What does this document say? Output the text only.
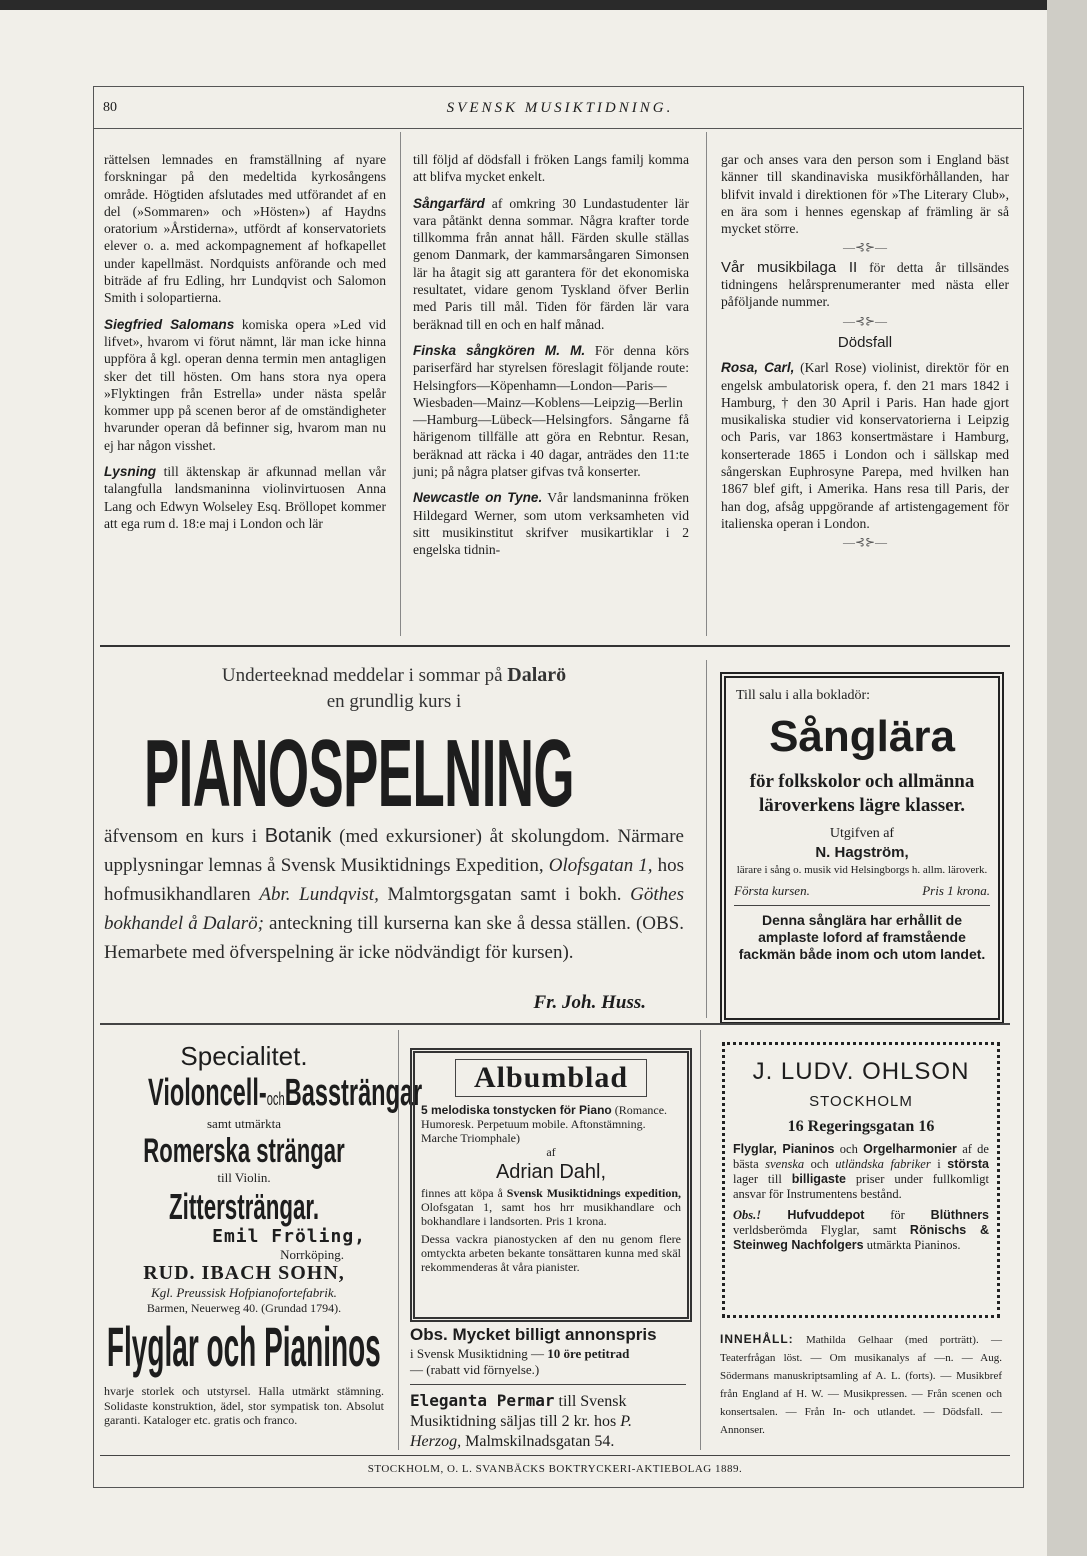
80	SVENSK MUSIKTIDNING.

rättelsen lemnades en framställning af nyare forskningar på den medeltida kyrkosångens område. Högtiden afslutades med utförandet af en del (»Sommaren» och »Hösten») af Haydns oratorium »Årstiderna», utfördt af konservatoriets elever o. a. med ackompagnement af hofkapellet under kapellmäst. Nordquists anförande och med biträde af fru Edling, hrr Lundqvist och Salomon Smith i solopartierna.

Siegfried Salomans komiska opera »Led vid lifvet», hvarom vi förut nämnt, lär man icke hinna uppföra å kgl. operan denna termin men antagligen sker det till hösten. Om hans stora nya opera »Flyktingen från Estrella» under nästa spelår kommer upp på scenen beror af de omständigheter hvarunder operan då befinner sig, hvarom man nu ej har någon visshet.

Lysning till äktenskap är afkunnad mellan vår talangfulla landsmaninna violinvirtuosen Anna Lang och Edwyn Wolseley Esq. Bröllopet kommer att ega rum d. 18:e maj i London och lär

till följd af dödsfall i fröken Langs familj komma att blifva mycket enkelt.

Sångarfärd af omkring 30 Lundastudenter lär vara påtänkt denna sommar. Några krafter torde tillkomma från annat håll. Färden skulle ställas genom Danmark, der kammarsångaren Simonsen lär ha åtagit sig att garantera för det ekonomiska resultatet, vidare genom Tyskland öfver Berlin med Paris till mål. Tiden för färden lär vara beräknad till en och en half månad.

Finska sångkören M. M. För denna körs pariserfärd har styrelsen föreslagit följande route: Helsingfors—Köpenhamn—London—Paris—Wiesbaden—Mainz—Koblens—Leipzig—Berlin—Hamburg—Lübeck—Helsingfors. Sångarne få härigenom tillfälle att göra en Rebntur. Resan, beräknad att räcka i 40 dagar, anträdes den 11:te juni; på några platser gifvas två konserter.

Newcastle on Tyne. Vår landsmaninna fröken Hildegard Werner, som utom verksamheten vid sitt musikinstitut skrifver musikartiklar i 2 engelska tidnin-

gar och anses vara den person som i England bäst känner till skandinaviska musikförhållanden, har blifvit invald i direktionen för »The Literary Club», en ära som i hennes egenskap af främling är så mycket större.

—⊰⊱—

Vår musikbilaga II för detta år tillsändes tidningens helårsprenumeranter med nästa eller påföljande nummer.

—⊰⊱—
Dödsfall

Rosa, Carl, (Karl Rose) violinist, direktör för en engelsk ambulatorisk opera, f. den 21 mars 1842 i Hamburg, † den 30 April i Paris. Han hade gjort musikaliska studier vid konservatorierna i Leipzig och Paris, var 1863 konsertmästare i Hamburg, konserterade 1865 i London och i sällskap med sångerskan Euphrosyne Parepa, med hvilken han 1867 blef gift, i Amerika. Hans resa till Paris, der han dog, afsåg uppgörande af artistengagement för italienska operan i London.

—⊰⊱—
Underteeknad meddelar i sommar på Dalarö
en grundlig kurs i
PIANOSPELNING
äfvensom en kurs i Botanik (med exkursioner) åt skolungdom. Närmare upplysningar lemnas å Svensk Musiktidnings Expedition, Olofsgatan 1, hos hofmusikhandlaren Abr. Lundqvist, Malmtorgsgatan samt i bokh. Göthes bokhandel å Dalarö; anteckning till kurserna kan ske å dessa ställen. (OBS. Hemarbete med öfverspelning är icke nödvändigt för kursen).
Fr. Joh. Huss.
Till salu i alla bokladör:
Sånglära
för folkskolor och allmänna
läroverkens lägre klasser.
Utgifven af
N. Hagström,
lärare i sång o. musik vid Helsingborgs h. allm. läroverk.
Första kursen.	Pris 1 krona.
Denna sånglära har erhållit de amplaste loford af framstående fackmän både inom och utom landet.
Specialitet.
Violoncell-ochBassträngar
samt utmärkta
Romerska strängar
till Violin.
Zittersträngar.
Emil Fröling,
Norrköping.
RUD. IBACH SOHN,
Kgl. Preussisk Hofpianofortefabrik.
Barmen, Neuerweg 40. (Grundad 1794).
Flyglar och Pianinos
hvarje storlek och utstyrsel. Halla utmärkt stämning. Solidaste konstruktion, ädel, stor sympatisk ton. Absolut garanti. Kataloger etc. gratis och franco.
Albumblad
5 melodiska tonstycken för Piano (Romance. Humoresk. Perpetuum mobile. Aftonstämning. Marche Triomphale)
af
Adrian Dahl,
finnes att köpa å Svensk Musiktidnings expedition, Olofsgatan 1, samt hos hrr musikhandlare och bokhandlare i landsorten. Pris 1 krona.
Dessa vackra pianostycken af den nu genom flere omtyckta arbeten bekante tonsättaren kunna med skäl rekommenderas åt våra pianister.
Obs. Mycket billigt annonspris
i Svensk Musiktidning — 10 öre petitrad
— (rabatt vid förnyelse.)
Eleganta Permar till Svensk Musiktidning säljas till 2 kr. hos P. Herzog, Malmskilnadsgatan 54.
J. LUDV. OHLSON
STOCKHOLM
16 Regeringsgatan 16
Flyglar, Pianinos och Orgelharmonier af de bästa svenska och utländska fabriker i största lager till billigaste priser under fullkomligt ansvar för Instrumentens bestånd.
Obs.! Hufvuddepot för Blüthners verldsberömda Flyglar, samt Rönischs & Steinweg Nachfolgers utmärkta Pianinos.
INNEHÅLL: Mathilda Gelhaar (med porträtt). — Teaterfrågan löst. — Om musikanalys af —n. — Aug. Södermans manuskriptsamling af A. L. (forts). — Musikbref från England af H. W. — Musikpressen. — Från scenen och konsertsalen. — Från In- och utlandet. — Dödsfall. — Annonser.
STOCKHOLM, O. L. SVANBÄCKS BOKTRYCKERI-AKTIEBOLAG 1889.
